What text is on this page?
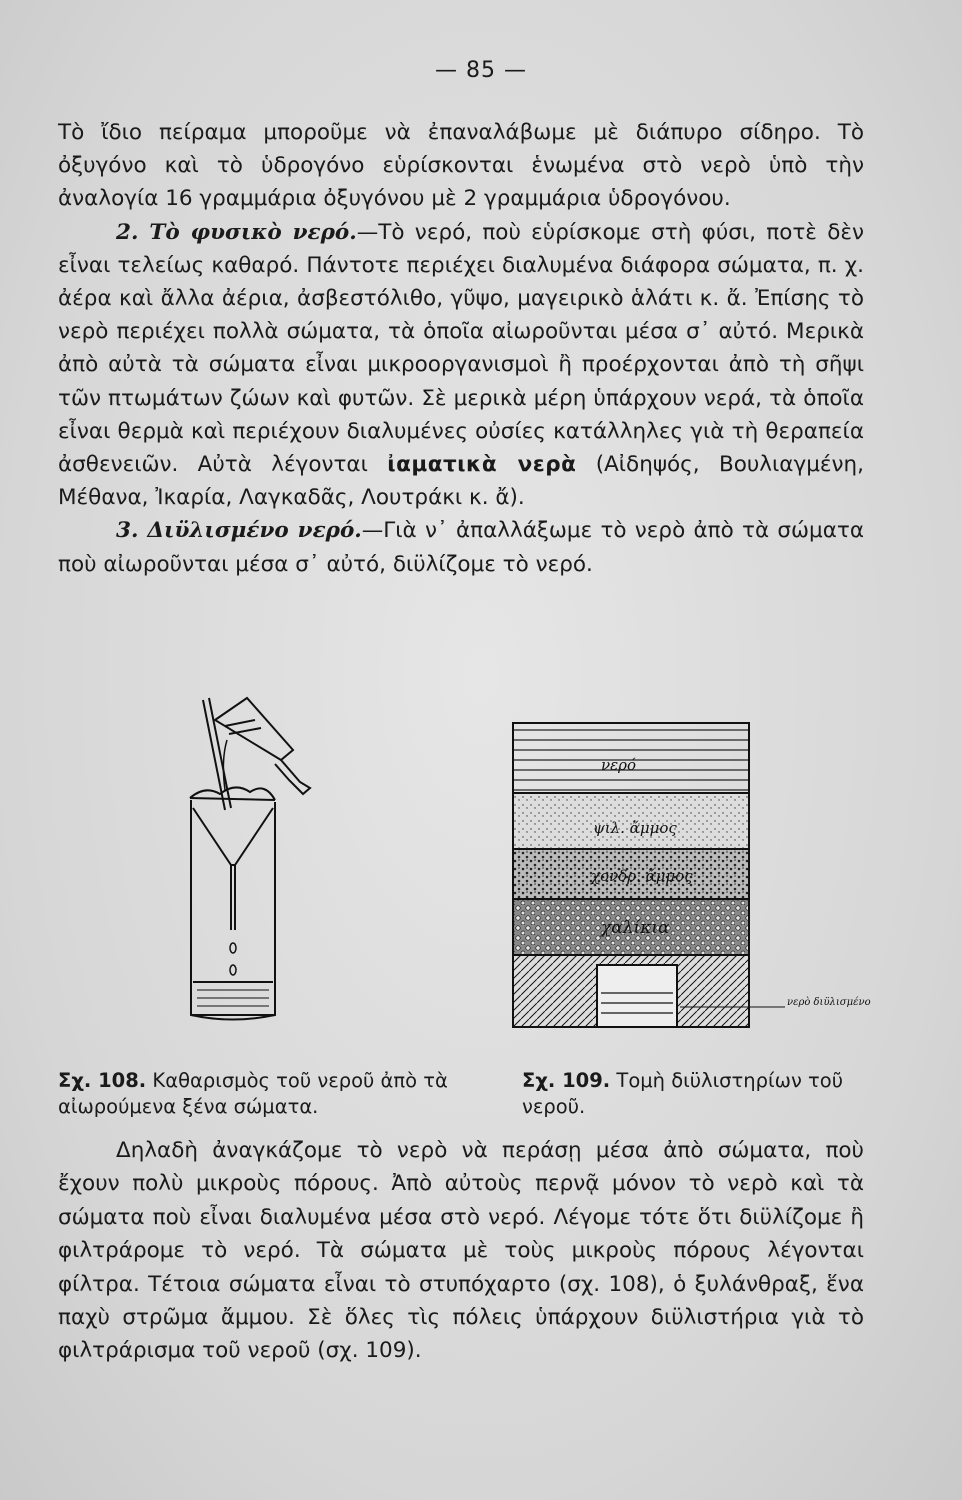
— 85 —

Τὸ ἴδιο πείραμα μποροῦμε νὰ ἐπαναλάβωμε μὲ διάπυρο σίδηρο. Τὸ ὀξυγόνο καὶ τὸ ὑδρογόνο εὑρίσκονται ἑνωμένα στὸ νερὸ ὑπὸ τὴν ἀναλογία 16 γραμμάρια ὀξυγόνου μὲ 2 γραμμάρια ὑδρογόνου.

2. Τὸ φυσικὸ νερό.—Τὸ νερό, ποὺ εὑρίσκομε στὴ φύσι, ποτὲ δὲν εἶναι τελείως καθαρό. Πάντοτε περιέχει διαλυμένα διάφορα σώματα, π. χ. ἀέρα καὶ ἄλλα ἀέρια, ἀσβεστόλιθο, γῦψο, μαγειρικὸ ἁλάτι κ. ἄ. Ἐπίσης τὸ νερὸ περιέχει πολλὰ σώματα, τὰ ὁποῖα αἰωροῦνται μέσα σ᾽ αὐτό. Μερικὰ ἀπὸ αὐτὰ τὰ σώματα εἶναι μικροοργανισμοὶ ἢ προέρχονται ἀπὸ τὴ σῆψι τῶν πτωμάτων ζώων καὶ φυτῶν. Σὲ μερικὰ μέρη ὑπάρχουν νερά, τὰ ὁποῖα εἶναι θερμὰ καὶ περιέχουν διαλυμένες οὐσίες κατάλληλες γιὰ τὴ θεραπεία ἀσθενειῶν. Αὐτὰ λέγονται ἰαματικὰ νερὰ (Αἰδηψός, Βουλιαγμένη, Μέθανα, Ἰκαρία, Λαγκαδᾶς, Λουτράκι κ. ἄ).

3. Διϋλισμένο νερό.—Γιὰ ν᾽ ἀπαλλάξωμε τὸ νερὸ ἀπὸ τὰ σώματα ποὺ αἰωροῦνται μέσα σ᾽ αὐτό, διϋλίζομε τὸ νερό.

νερό
ψιλ. ἄμμος
χονδρ. ἄμμος
χαλίκια
νερὸ διϋλισμένο
Σχ. 108. Καθαρισμὸς τοῦ νεροῦ ἀπὸ τὰ αἰωρούμενα ξένα σώματα.
Σχ. 109. Τομὴ διϋλιστηρίων τοῦ νεροῦ.

Δηλαδὴ ἀναγκάζομε τὸ νερὸ νὰ περάσῃ μέσα ἀπὸ σώματα, ποὺ ἔχουν πολὺ μικροὺς πόρους. Ἀπὸ αὐτοὺς περνᾷ μόνον τὸ νερὸ καὶ τὰ σώματα ποὺ εἶναι διαλυμένα μέσα στὸ νερό. Λέγομε τότε ὅτι διϋλίζομε ἢ φιλτράρομε τὸ νερό. Τὰ σώματα μὲ τοὺς μικροὺς πόρους λέγονται φίλτρα. Τέτοια σώματα εἶναι τὸ στυπόχαρτο (σχ. 108), ὁ ξυλάνθραξ, ἕνα παχὺ στρῶμα ἄμμου. Σὲ ὅλες τὶς πόλεις ὑπάρχουν διϋλιστήρια γιὰ τὸ φιλτράρισμα τοῦ νεροῦ (σχ. 109).
